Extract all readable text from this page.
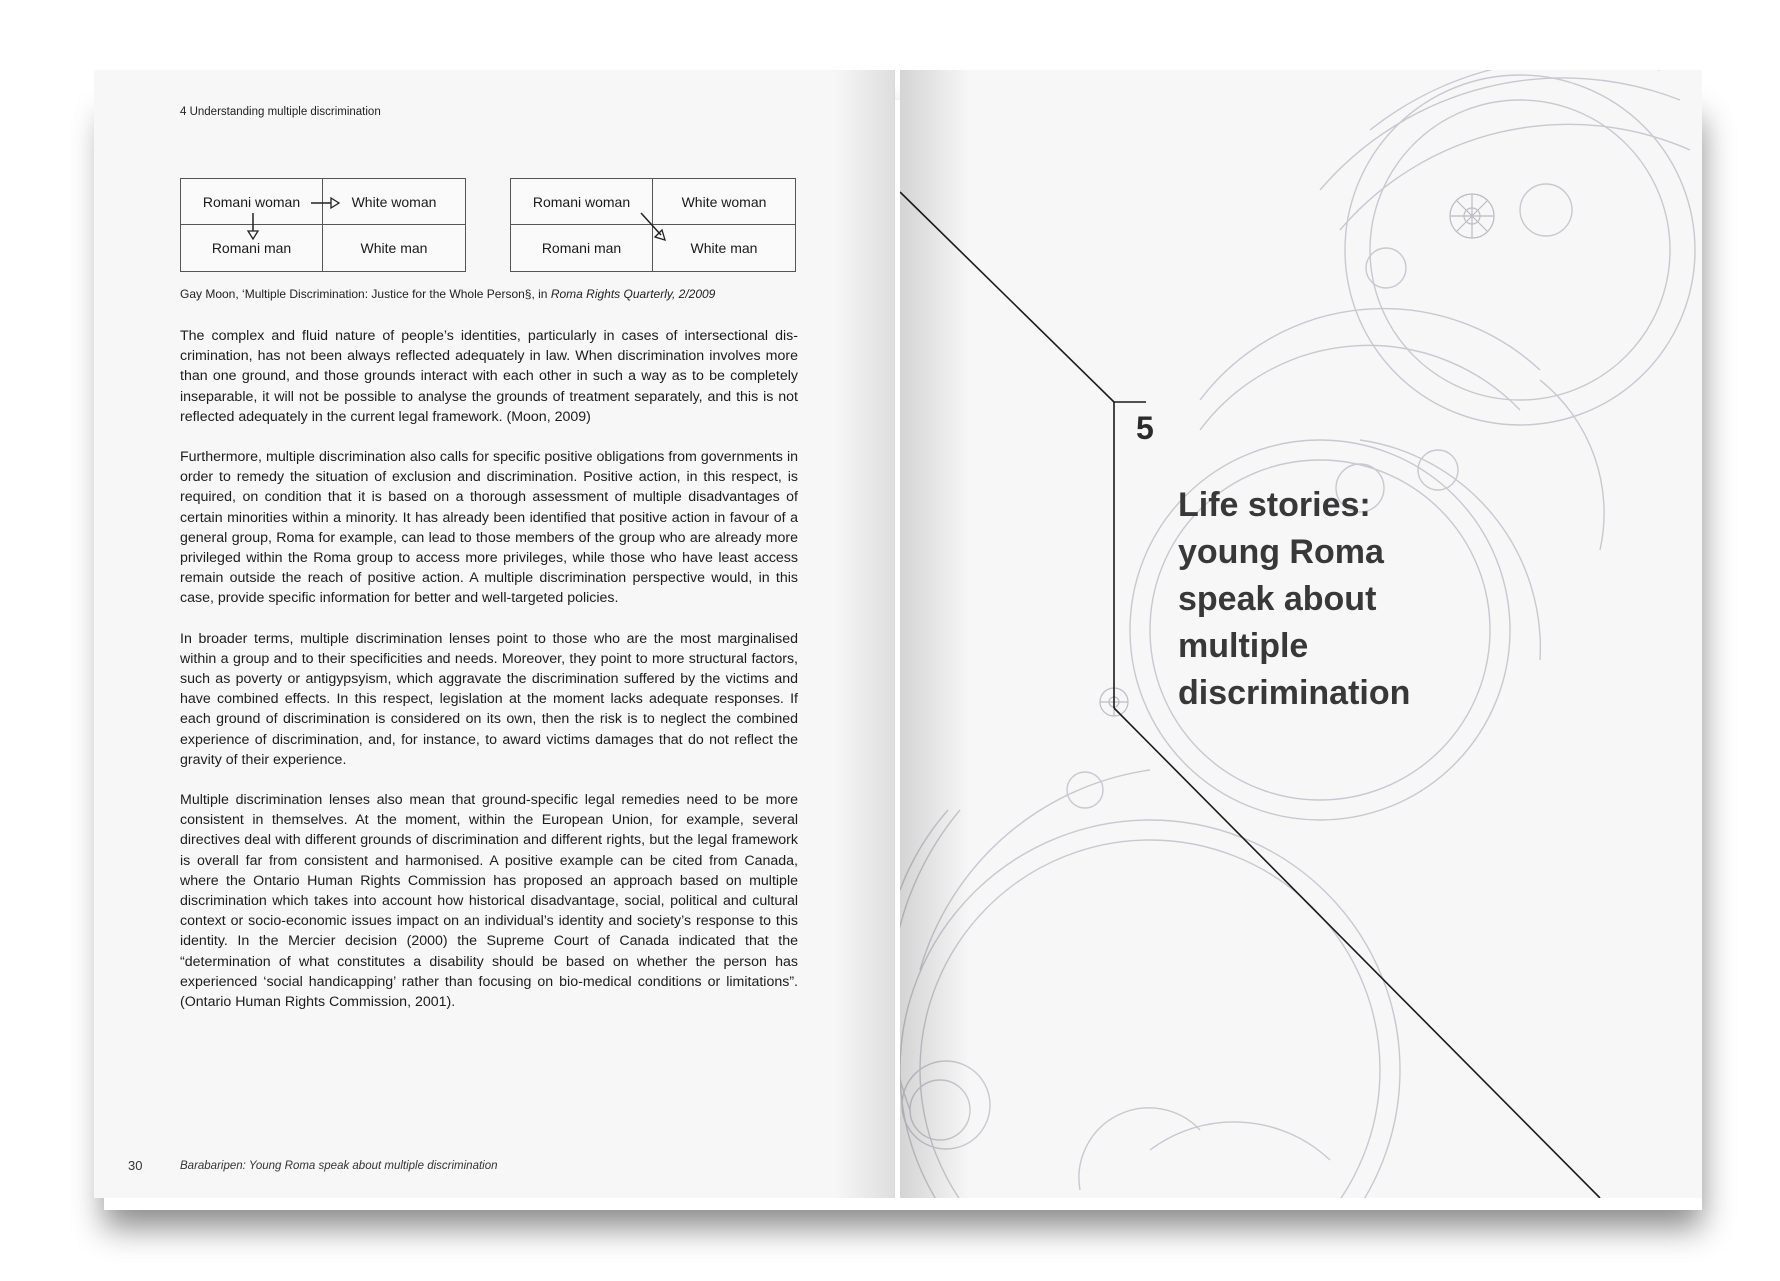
4 Understanding multiple discrimination
Romani woman	White woman
Romani man	White man
Romani woman	White woman
Romani man	White man
Gay Moon, ‘Multiple Discrimination: Justice for the Whole Person§, in Roma Rights Quarterly, 2/2009

The complex and fluid nature of people’s identities, particularly in cases of intersectional discrimination, has not been always reflected adequately in law. When discrimination involves more than one ground, and those grounds interact with each other in such a way as to be completely inseparable, it will not be possible to analyse the grounds of treatment separately, and this is not reflected adequately in the current legal framework. (Moon, 2009)

Furthermore, multiple discrimination also calls for specific positive obligations from governments in order to remedy the situation of exclusion and discrimination. Positive action, in this respect, is required, on condition that it is based on a thorough assessment of multiple disadvantages of certain minorities within a minority. It has already been identified that positive action in favour of a general group, Roma for example, can lead to those members of the group who are already more privileged within the Roma group to access more privileges, while those who have least access remain outside the reach of positive action. A multiple discrimination perspective would, in this case, provide specific information for better and well-targeted policies.

In broader terms, multiple discrimination lenses point to those who are the most marginalised within a group and to their specificities and needs. Moreover, they point to more structural factors, such as poverty or antigypsyism, which aggravate the discrimination suffered by the victims and have combined effects. In this respect, legislation at the moment lacks adequate responses. If each ground of discrimination is considered on its own, then the risk is to neglect the combined experience of discrimination, and, for instance, to award victims damages that do not reflect the gravity of their experience.

Multiple discrimination lenses also mean that ground-specific legal remedies need to be more consistent in themselves. At the moment, within the European Union, for example, several directives deal with different grounds of discrimination and different rights, but the legal framework is overall far from consistent and harmonised. A positive example can be cited from Canada, where the Ontario Human Rights Commission has proposed an approach based on multiple discrimination which takes into account how historical disadvantage, social, political and cultural context or socio-economic issues impact on an individual’s identity and society’s response to this identity. In the Mercier decision (2000) the Supreme Court of Canada indicated that the “determination of what constitutes a disability should be based on whether the person has experienced ‘social handicapping’ rather than focusing on bio-medical conditions or limitations”. (Ontario Human Rights Commission, 2001).

30	Barabaripen: Young Roma speak about multiple discrimination
5
Life stories:
young Roma
speak about
multiple
discrimination
